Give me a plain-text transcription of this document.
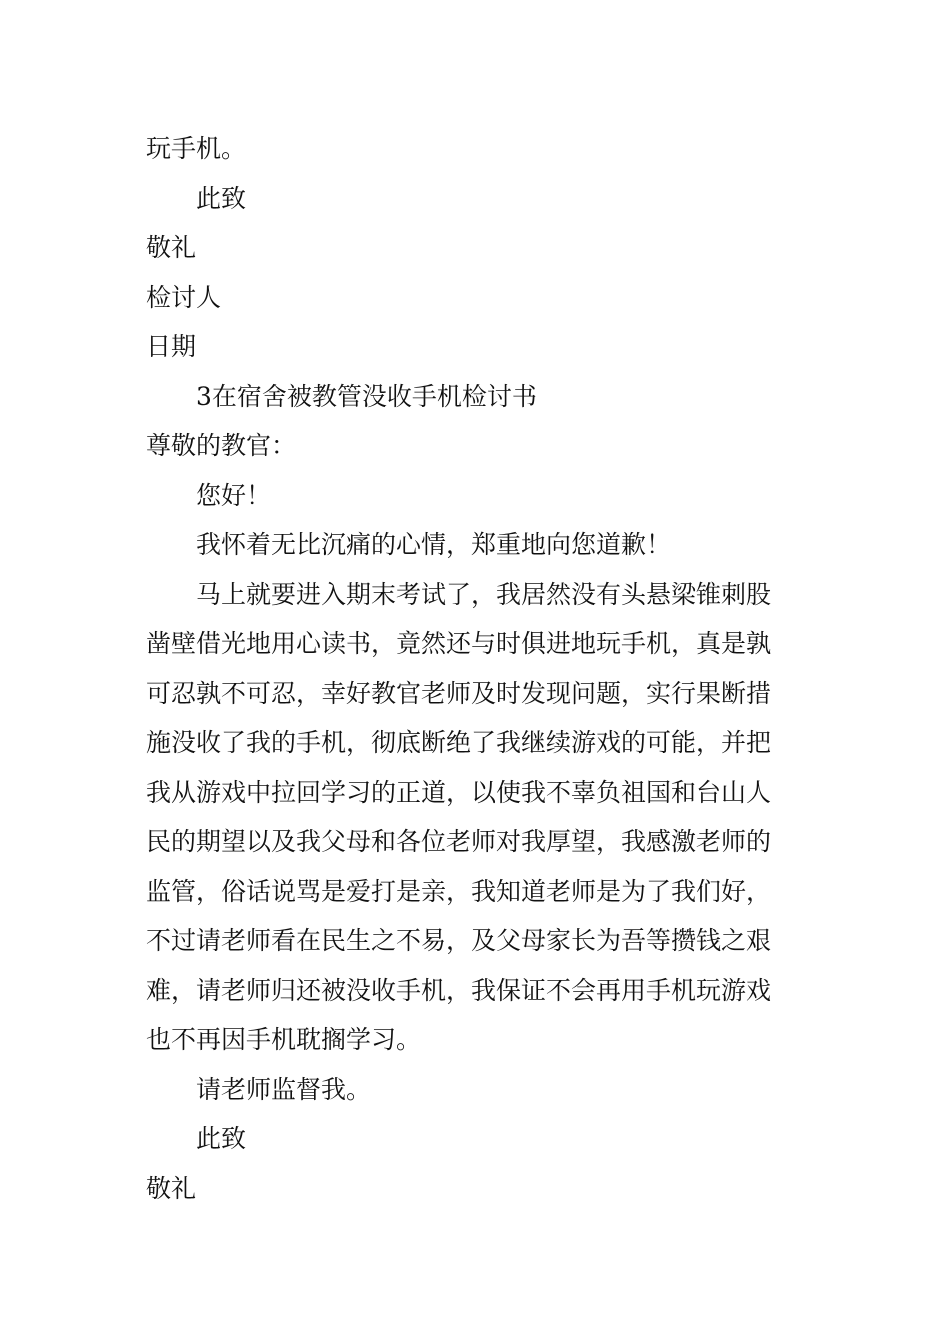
玩手机。
此致
敬礼
检讨人
日期
3在宿舍被教管没收手机检讨书
尊敬的教官：
您好！
我怀着无比沉痛的心情，郑重地向您道歉！
马上就要进入期末考试了，我居然没有头悬梁锥刺股
凿壁借光地用心读书，竟然还与时俱进地玩手机，真是孰
可忍孰不可忍，幸好教官老师及时发现问题，实行果断措
施没收了我的手机，彻底断绝了我继续游戏的可能，并把
我从游戏中拉回学习的正道，以使我不辜负祖国和台山人
民的期望以及我父母和各位老师对我厚望，我感激老师的
监管，俗话说骂是爱打是亲，我知道老师是为了我们好，
不过请老师看在民生之不易，及父母家长为吾等攒钱之艰
难，请老师归还被没收手机，我保证不会再用手机玩游戏
也不再因手机耽搁学习。
请老师监督我。
此致
敬礼
